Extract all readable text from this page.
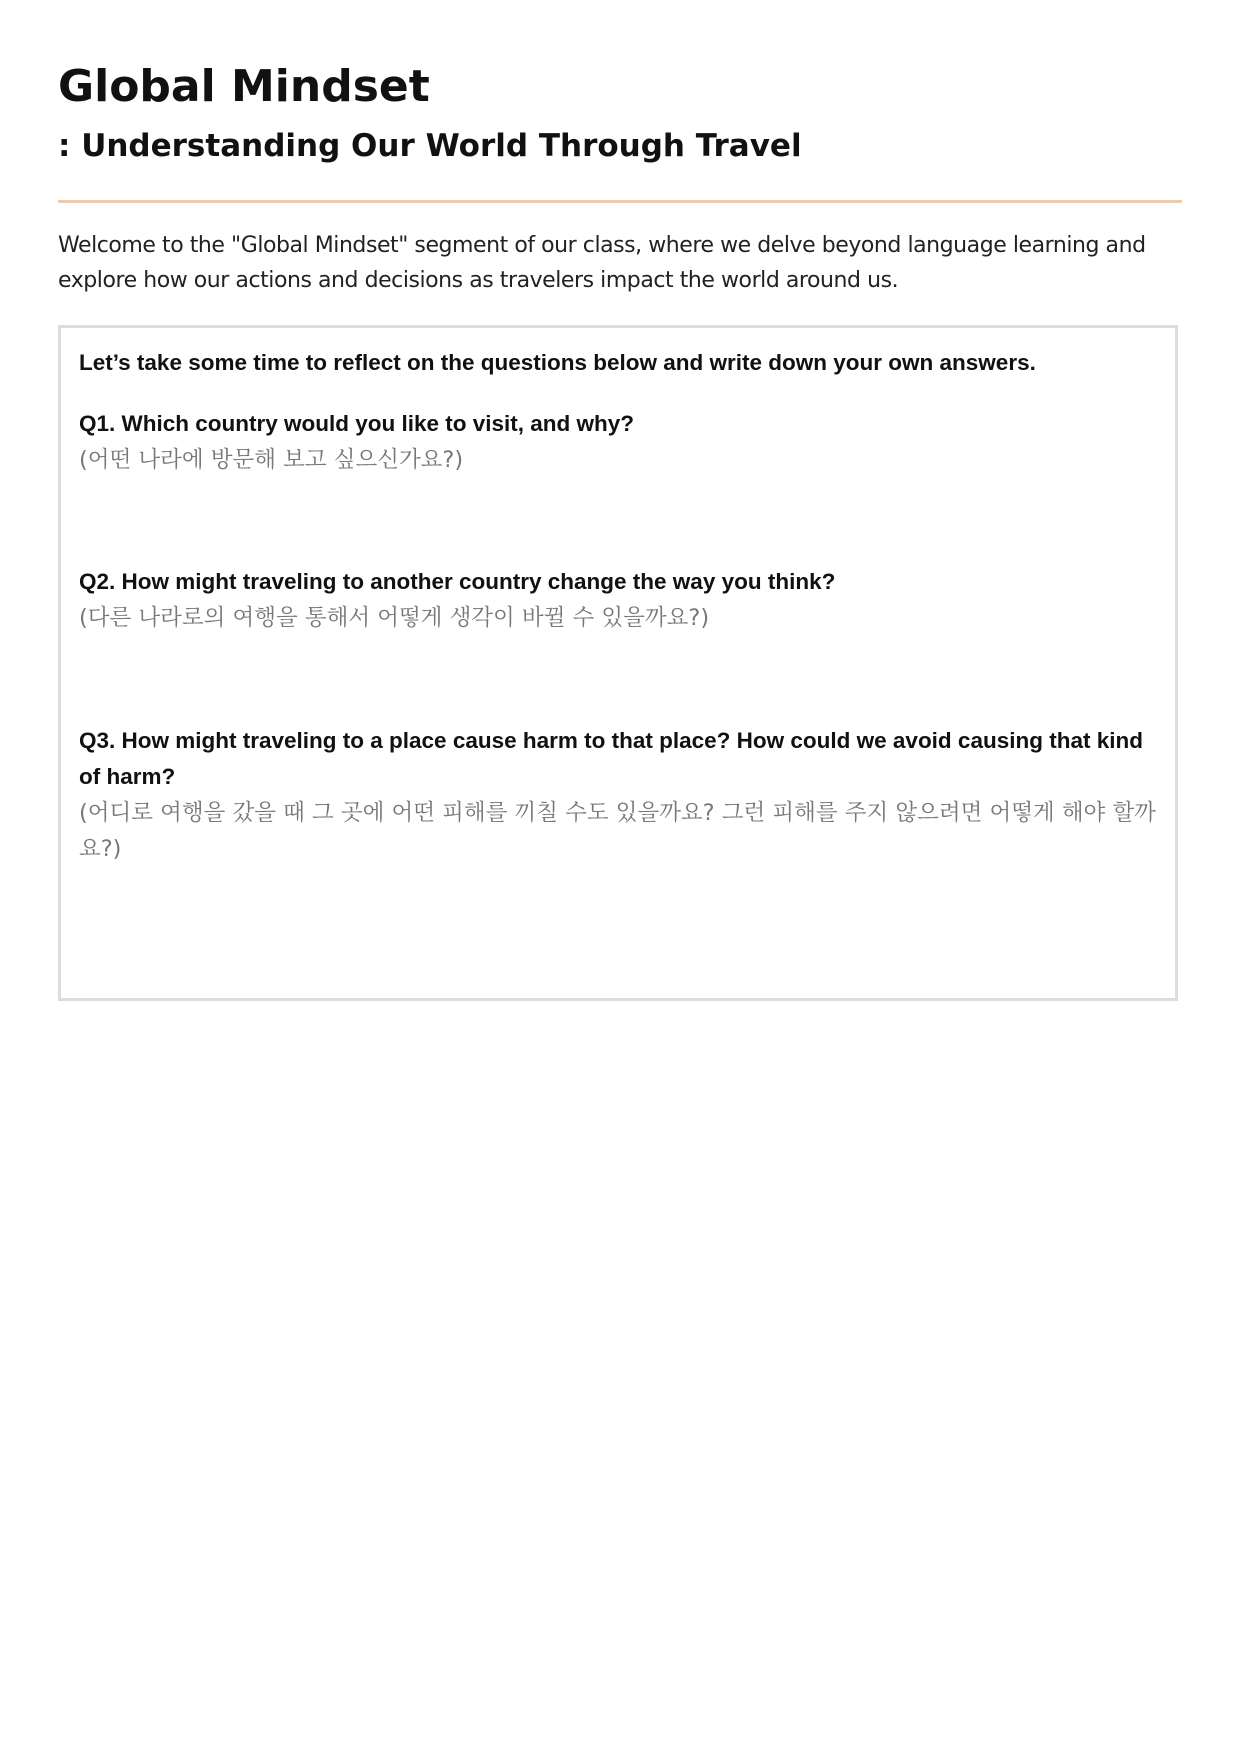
Global Mindset
: Understanding Our World Through Travel
Welcome to the "Global Mindset" segment of our class, where we delve beyond language learning and explore how our actions and decisions as travelers impact the world around us.
Let’s take some time to reflect on the questions below and write down your own answers.
Q1. Which country would you like to visit, and why?
(어떤 나라에 방문해 보고 싶으신가요?)
Q2. How might traveling to another country change the way you think?
(다른 나라로의 여행을 통해서 어떻게 생각이 바뀔 수 있을까요?)
Q3. How might traveling to a place cause harm to that place? How could we avoid causing that kind of harm?
(어디로 여행을 갔을 때 그 곳에 어떤 피해를 끼칠 수도 있을까요? 그런 피해를 주지 않으려면 어떻게 해야 할까요?)
